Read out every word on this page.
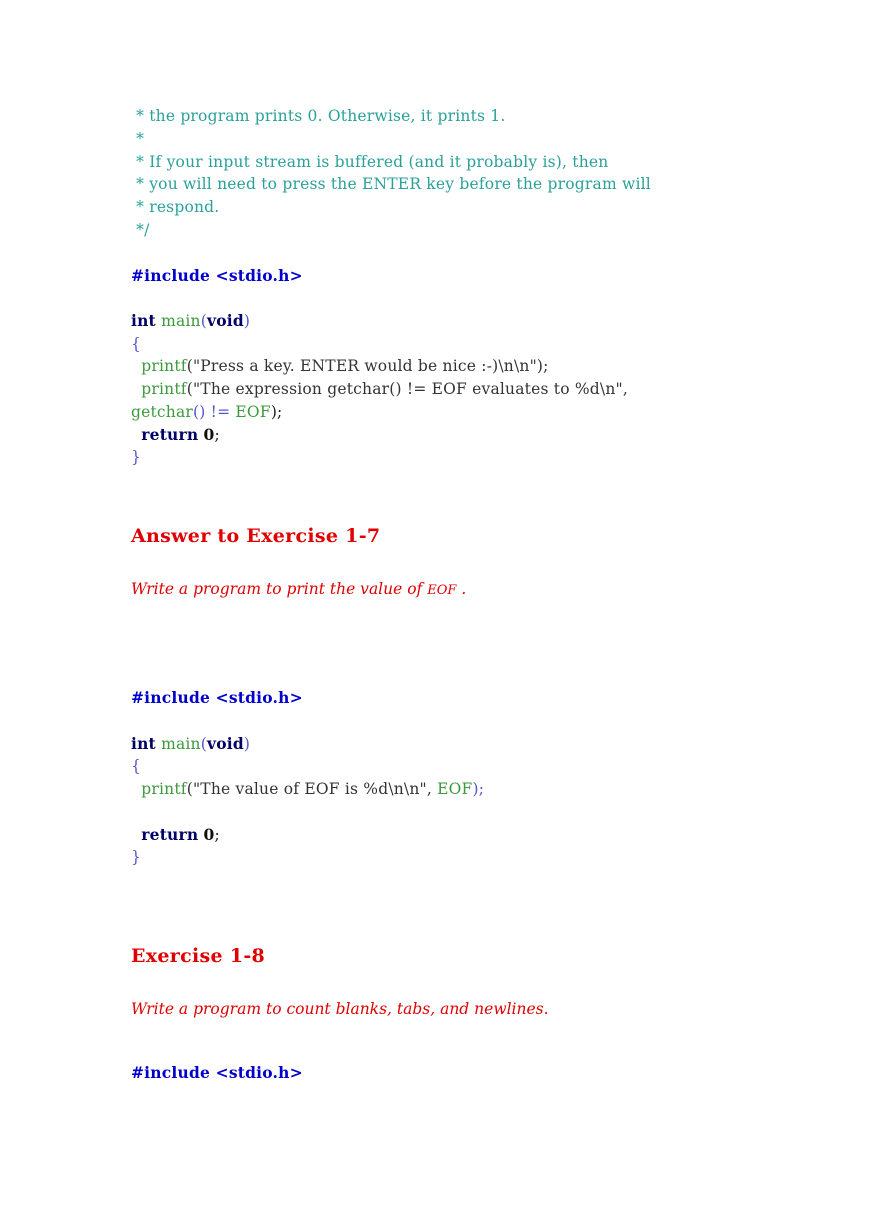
* the program prints 0. Otherwise, it prints 1.
*
* If your input stream is buffered (and it probably is), then
* you will need to press the ENTER key before the program will
* respond.
*/
#include <stdio.h>
int main(void)
{
printf("Press a key. ENTER would be nice :-)\n\n");
printf("The expression getchar() != EOF evaluates to %d\n",
getchar() != EOF);
return 0;
}
Answer to Exercise 1-7
Write a program to print the value of EOF .
#include <stdio.h>
int main(void)
{
printf("The value of EOF is %d\n\n", EOF);
return 0;
}
Exercise 1-8
Write a program to count blanks, tabs, and newlines.
#include <stdio.h>
